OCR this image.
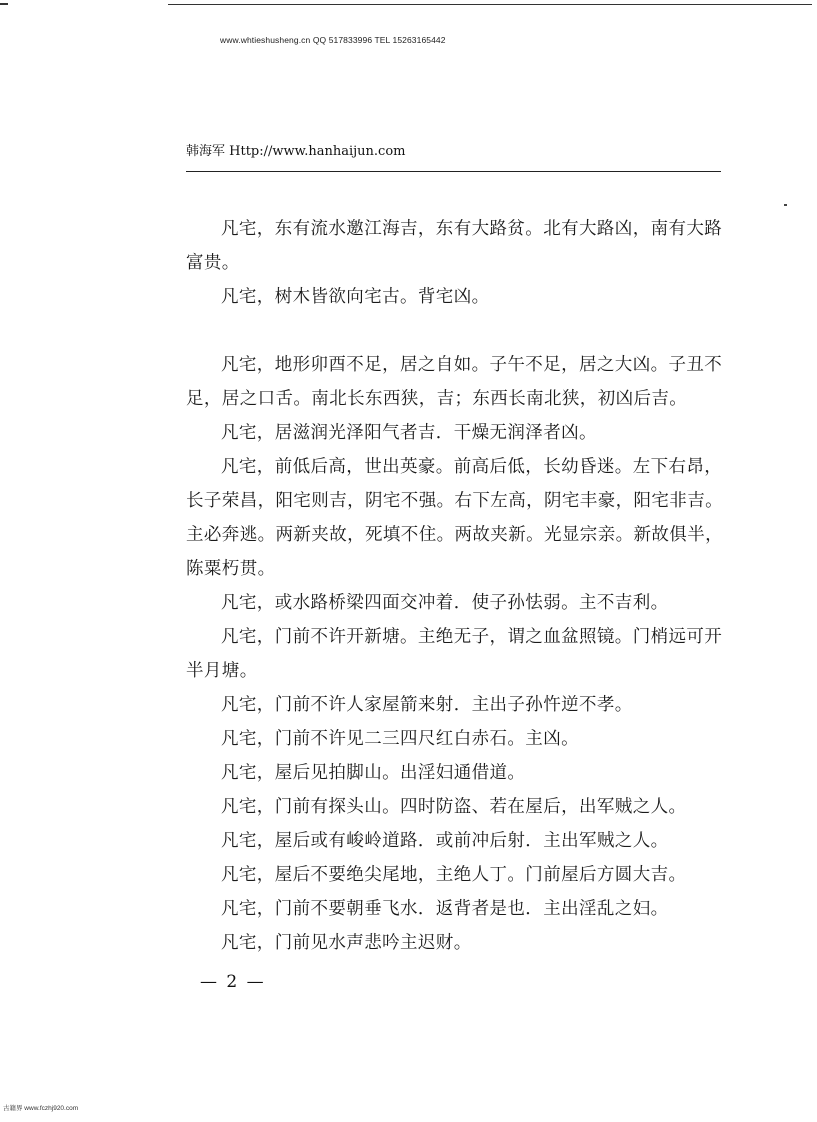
www.whtieshusheng.cn QQ 517833996 TEL 15263165442
韩海军 Http://www.hanhaijun.com

凡宅，东有流水邀江海吉，东有大路贫。北有大路凶，南有大路富贵。

凡宅，树木皆欲向宅古。背宅凶。

凡宅，地形卯酉不足，居之自如。子午不足，居之大凶。子丑不足，居之口舌。南北长东西狭，吉；东西长南北狭，初凶后吉。

凡宅，居滋润光泽阳气者吉．干燥无润泽者凶。

凡宅，前低后高，世出英豪。前高后低，长幼昏迷。左下右昂，长子荣昌，阳宅则吉，阴宅不强。右下左高，阴宅丰豪，阳宅非吉。主必奔逃。两新夹故，死填不住。两故夹新。光显宗亲。新故俱半，陈粟朽贯。

凡宅，或水路桥梁四面交冲着．使子孙怯弱。主不吉利。

凡宅，门前不许开新塘。主绝无子，谓之血盆照镜。门梢远可开半月塘。

凡宅，门前不许人家屋箭来射．主出子孙忤逆不孝。

凡宅，门前不许见二三四尺红白赤石。主凶。

凡宅，屋后见拍脚山。出淫妇通借道。

凡宅，门前有探头山。四时防盗、若在屋后，出军贼之人。

凡宅，屋后或有峻岭道路．或前冲后射．主出军贼之人。

凡宅，屋后不要绝尖尾地，主绝人丁。门前屋后方圆大吉。

凡宅，门前不要朝垂飞水．返背者是也．主出淫乱之妇。

凡宅，门前见水声悲吟主迟财。

— 2 —
古籍界 www.fczhj920.com
